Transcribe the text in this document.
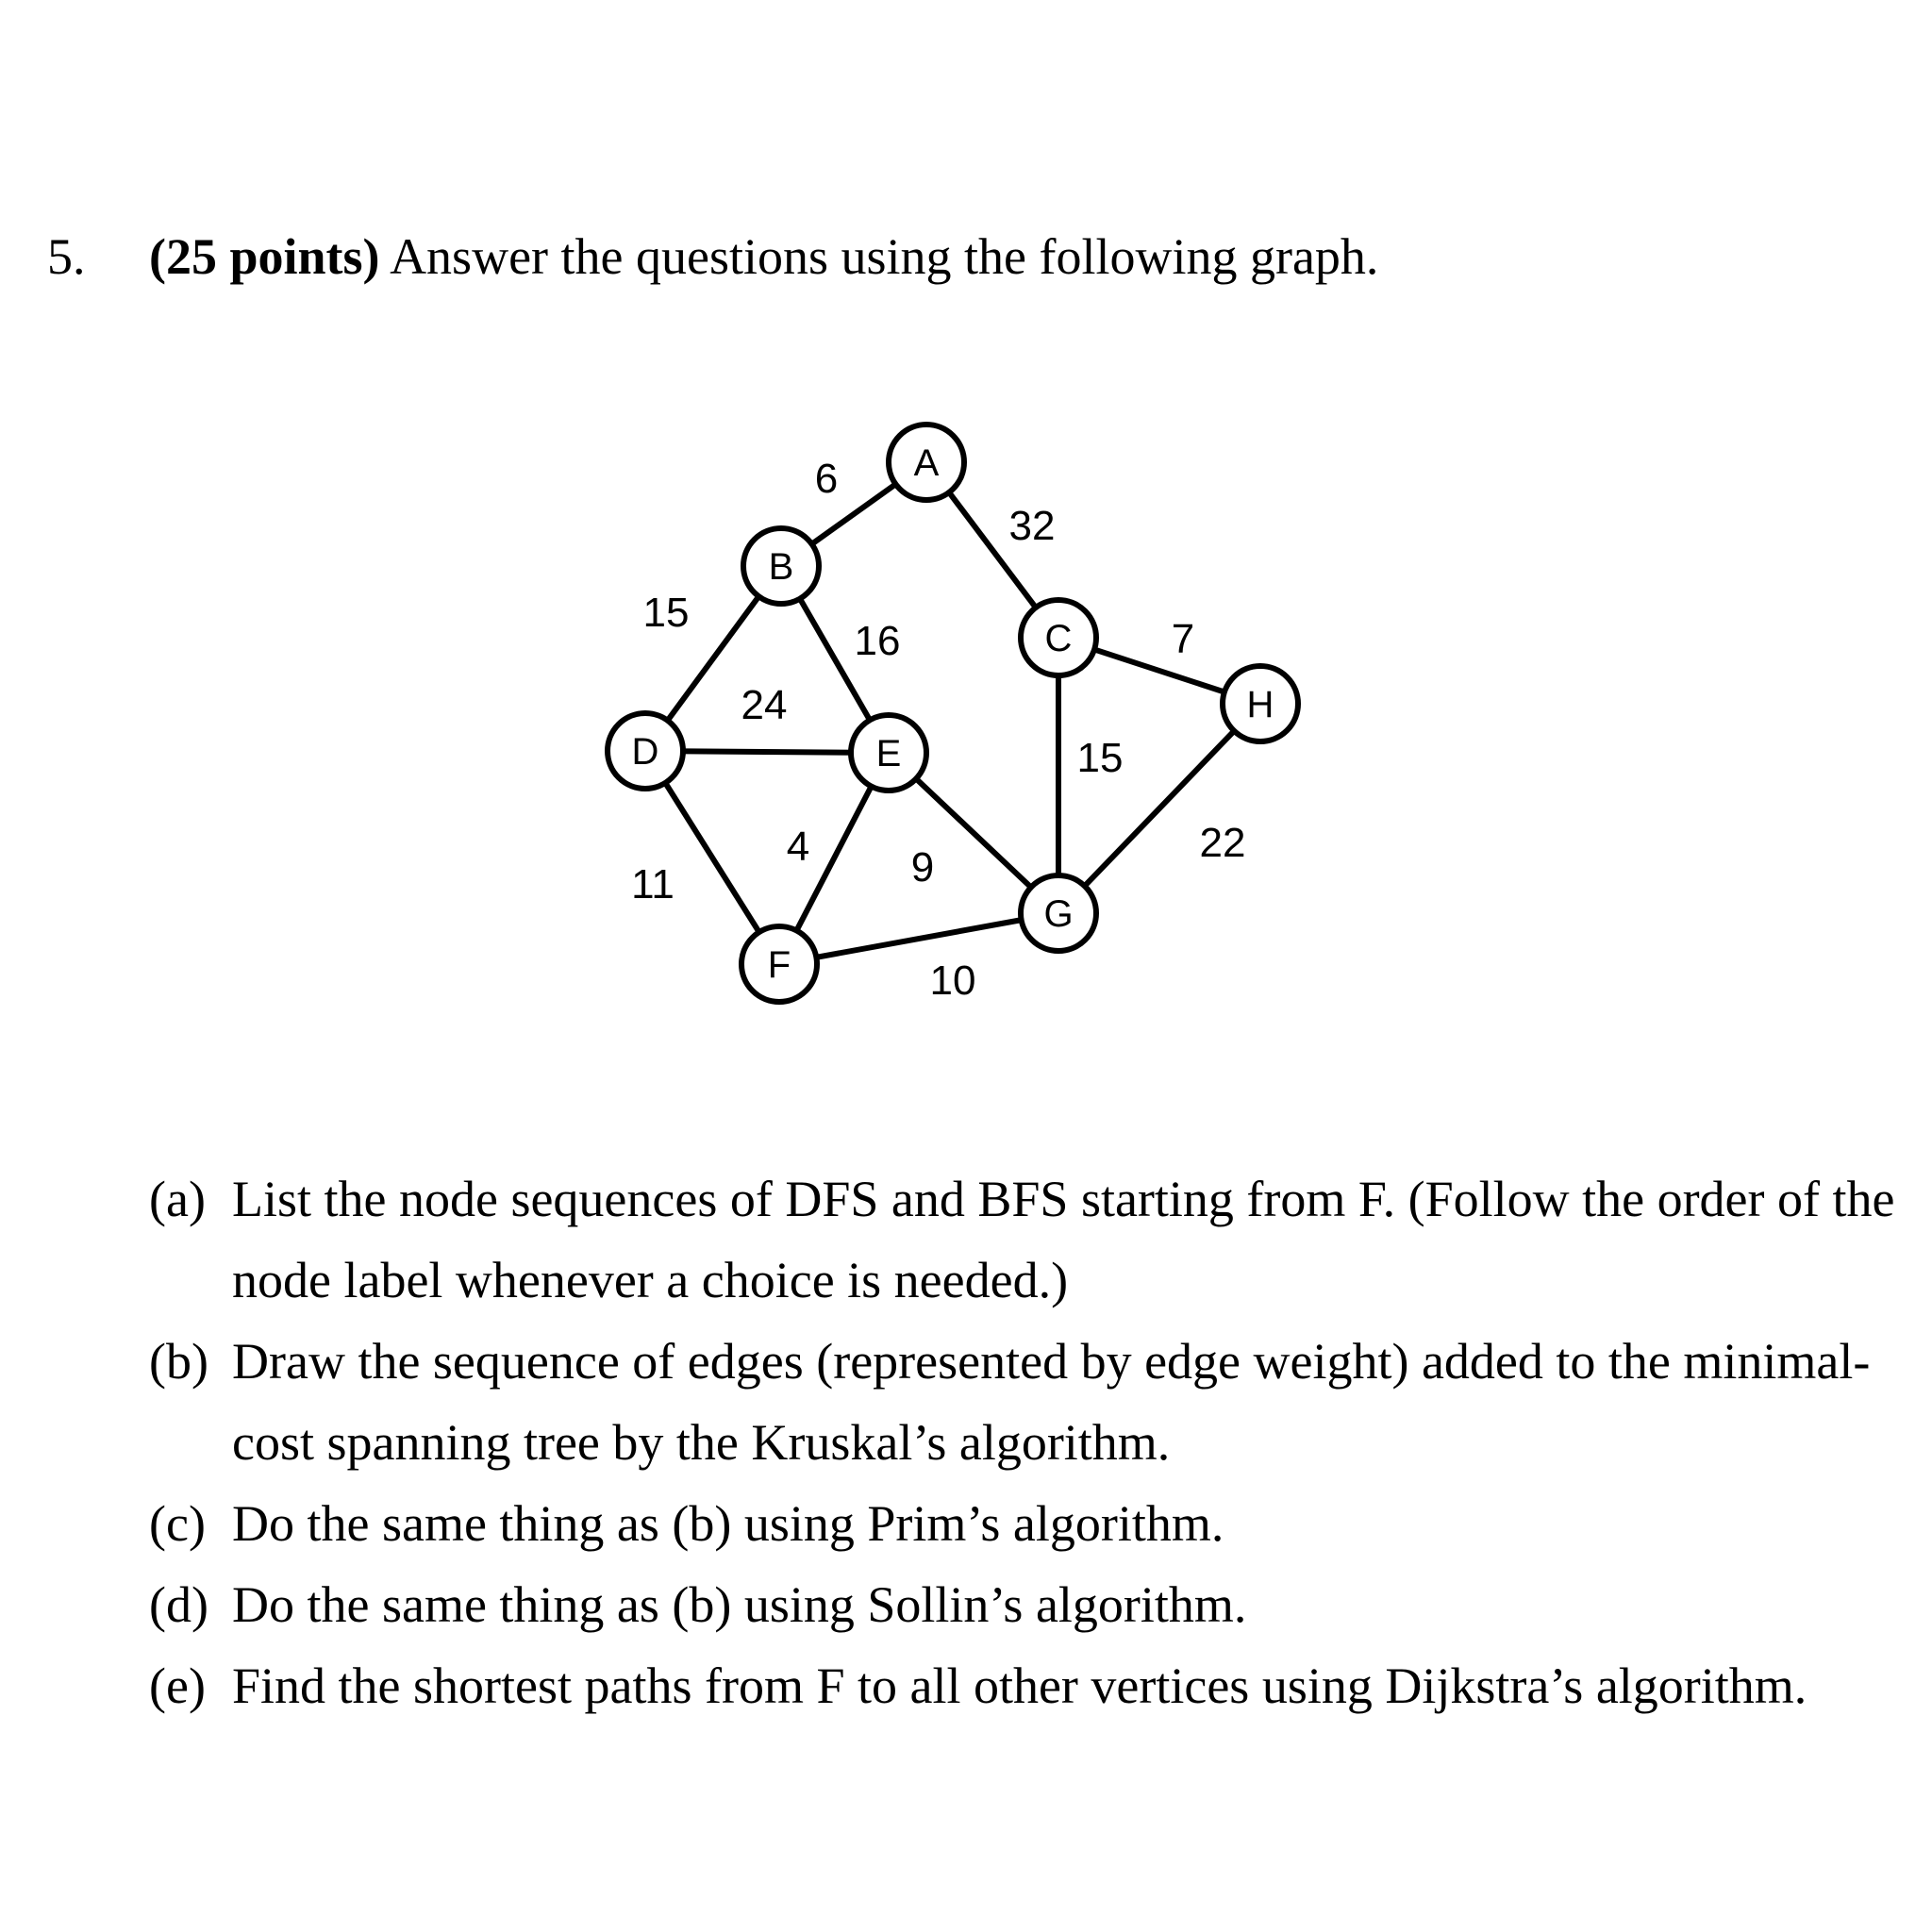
5. (25 points) Answer the questions using the following graph.
6
32
15
16	7
24
15
4 9
22
11
10
A
B
C
D	E
F
G
H
(a) List the node sequences of DFS and BFS starting from F. (Follow the order of the node label whenever a choice is needed.)
(b) Draw the sequence of edges (represented by edge weight) added to the minimal-cost spanning tree by the Kruskal’s algorithm.
(c) Do the same thing as (b) using Prim’s algorithm.
(d) Do the same thing as (b) using Sollin’s algorithm.
(e) Find the shortest paths from F to all other vertices using Dijkstra’s algorithm.
